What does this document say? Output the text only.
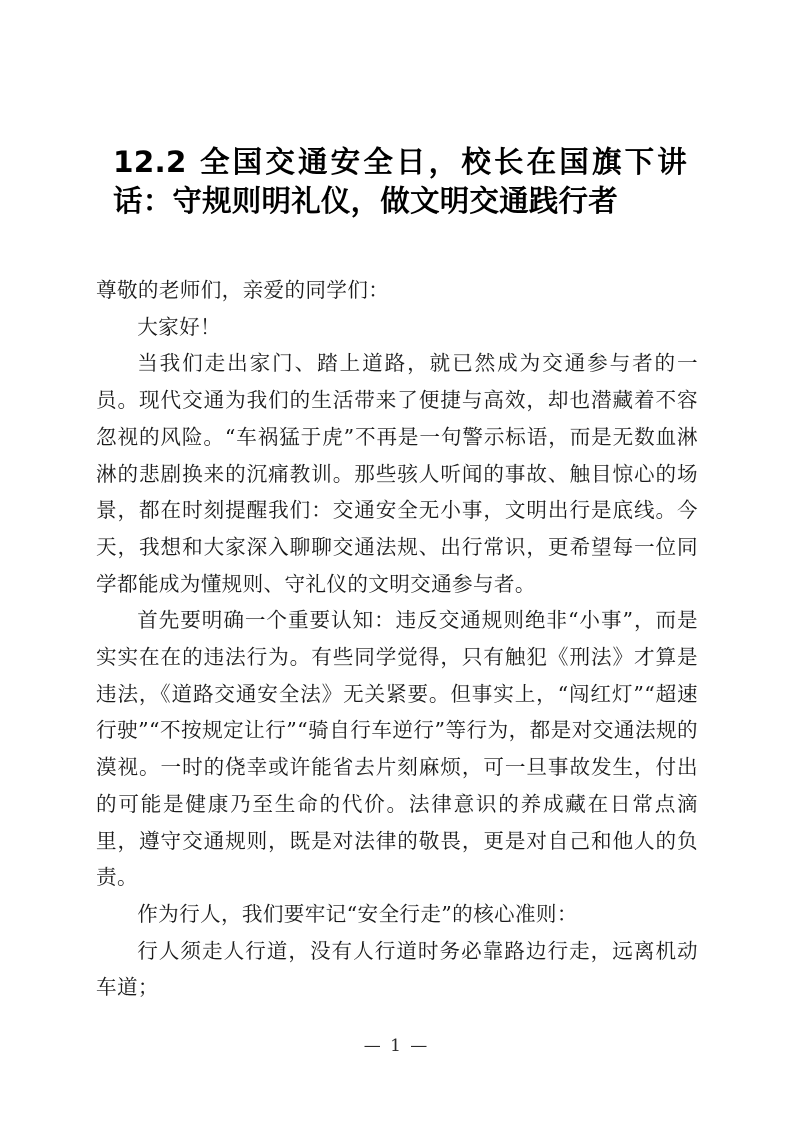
12.2 全国交通安全日，校长在国旗下讲话：守规则明礼仪，做文明交通践行者

尊敬的老师们，亲爱的同学们：

大家好！

当我们走出家门、踏上道路，就已然成为交通参与者的一员。现代交通为我们的生活带来了便捷与高效，却也潜藏着不容忽视的风险。“车祸猛于虎”不再是一句警示标语，而是无数血淋淋的悲剧换来的沉痛教训。那些骇人听闻的事故、触目惊心的场景，都在时刻提醒我们：交通安全无小事，文明出行是底线。今天，我想和大家深入聊聊交通法规、出行常识，更希望每一位同学都能成为懂规则、守礼仪的文明交通参与者。

首先要明确一个重要认知：违反交通规则绝非“小事”，而是实实在在的违法行为。有些同学觉得，只有触犯《刑法》才算是违法，《道路交通安全法》无关紧要。但事实上，“闯红灯”“超速行驶”“不按规定让行”“骑自行车逆行”等行为，都是对交通法规的漠视。一时的侥幸或许能省去片刻麻烦，可一旦事故发生，付出的可能是健康乃至生命的代价。法律意识的养成藏在日常点滴里，遵守交通规则，既是对法律的敬畏，更是对自己和他人的负责。

作为行人，我们要牢记“安全行走”的核心准则：

行人须走人行道，没有人行道时务必靠路边行走，远离机动车道；

— 1 —
